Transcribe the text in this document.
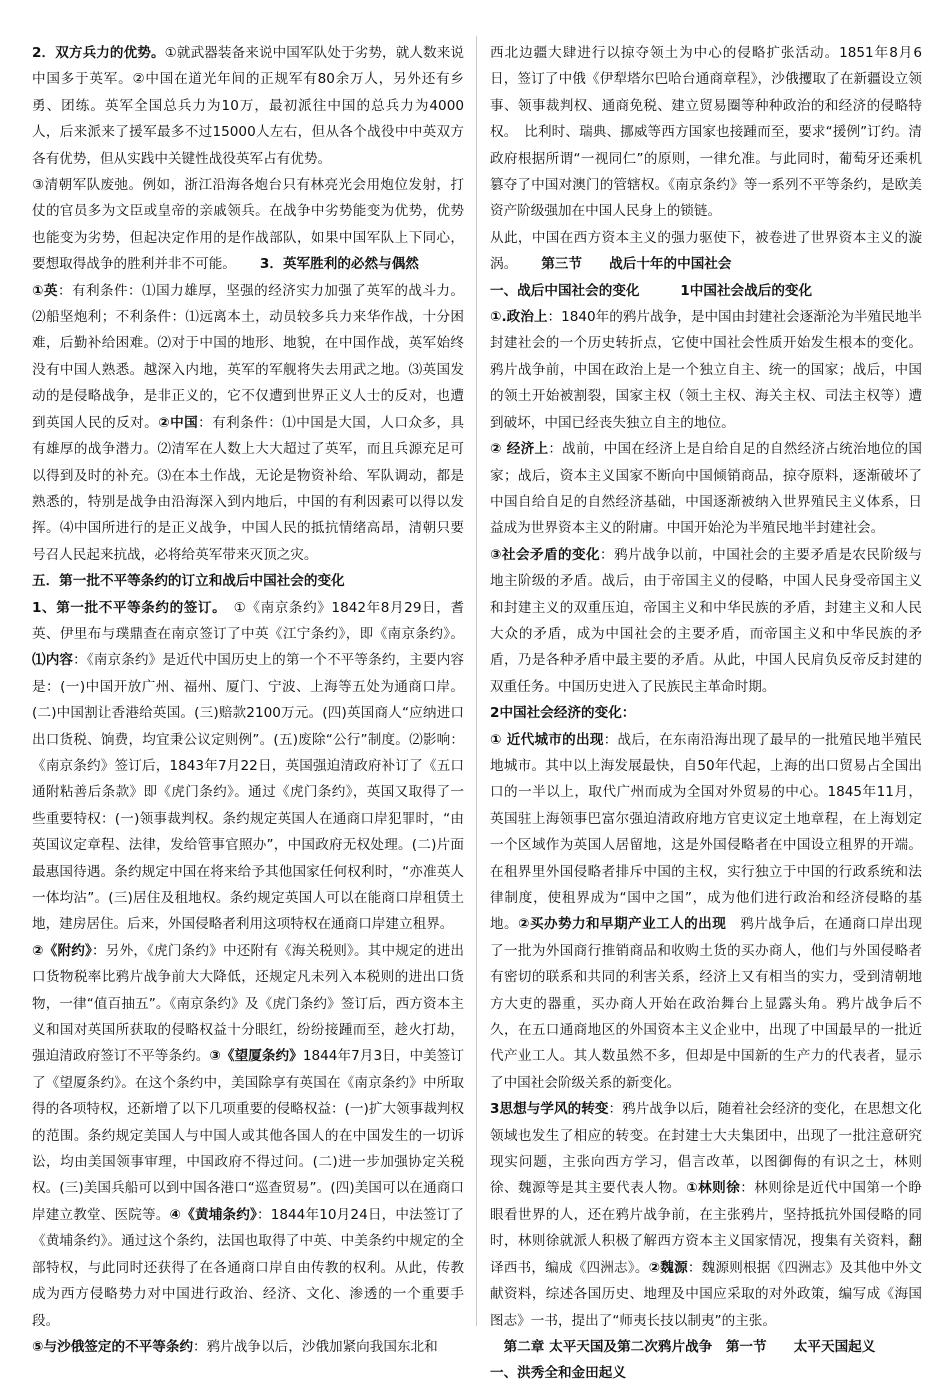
2．双方兵力的优势。①就武器装备来说中国军队处于劣势，就人数来说中国多于英军。②中国在道光年间的正规军有80余万人，另外还有乡勇、团练。英军全国总兵力为10万，最初派往中国的总兵力为4000人，后来派来了援军最多不过15000人左右，但从各个战役中中英双方各有优势，但从实践中关键性战役英军占有优势。

③清朝军队废弛。例如，浙江沿海各炮台只有林亮光会用炮位发射，打仗的官员多为文臣或皇帝的亲戚领兵。在战争中劣势能变为优势，优势也能变为劣势，但起决定作用的是作战部队，如果中国军队上下同心，要想取得战争的胜利并非不可能。 3．英军胜利的必然与偶然

①英：有利条件：⑴国力雄厚，坚强的经济实力加强了英军的战斗力。⑵船坚炮利；不利条件：⑴远离本土，动员较多兵力来华作战，十分困难，后勤补给困难。⑵对于中国的地形、地貌，在中国作战，英军始终没有中国人熟悉。越深入内地，英军的军舰将失去用武之地。⑶英国发动的是侵略战争，是非正义的，它不仅遭到世界正义人士的反对，也遭到英国人民的反对。②中国：有利条件：⑴中国是大国，人口众多，具有雄厚的战争潜力。⑵清军在人数上大大超过了英军，而且兵源充足可以得到及时的补充。⑶在本土作战，无论是物资补给、军队调动，都是熟悉的，特别是战争由沿海深入到内地后，中国的有利因素可以得以发挥。⑷中国所进行的是正义战争，中国人民的抵抗情绪高昂，清朝只要号召人民起来抗战，必将给英军带来灭顶之灾。

五．第一批不平等条约的订立和战后中国社会的变化

1、第一批不平等条约的签订。　①《南京条约》1842年8月29日，耆英、伊里布与璞鼎查在南京签订了中英《江宁条约》，即《南京条约》。⑴内容：《南京条约》是近代中国历史上的第一个不平等条约，主要内容是：(一)中国开放广州、福州、厦门、宁波、上海等五处为通商口岸。(二)中国割让香港给英国。(三)赔款2100万元。(四)英国商人“应纳进口出口货税、饷费，均宜秉公议定则例”。(五)废除“公行”制度。⑵影响：《南京条约》签订后，1843年7月22日，英国强迫清政府补订了《五口通附粘善后条款》即《虎门条约》。通过《虎门条约》，英国又取得了一些重要特权：(一)领事裁判权。条约规定英国人在通商口岸犯罪时，“由英国议定章程、法律，发给管事官照办”，中国政府无权处理。(二)片面最惠国待遇。条约规定中国在将来给予其他国家任何权利时，“亦准英人一体均沾”。(三)居住及租地权。条约规定英国人可以在能商口岸租赁土地，建房居住。后来，外国侵略者利用这项特权在通商口岸建立租界。

②《附约》：另外，《虎门条约》中还附有《海关税则》。其中规定的进出口货物税率比鸦片战争前大大降低，还规定凡未列入本税则的进出口货物，一律“值百抽五”。《南京条约》及《虎门条约》签订后，西方资本主义和国对英国所获取的侵略权益十分眼红，纷纷接踵而至，趁火打劫，强迫清政府签订不平等条约。③《望厦条约》1844年7月3日，中美签订了《望厦条约》。在这个条约中，美国除享有英国在《南京条约》中所取得的各项特权，还新增了以下几项重要的侵略权益：(一)扩大领事裁判权的范围。条约规定美国人与中国人或其他各国人的在中国发生的一切诉讼，均由美国领事审理，中国政府不得过问。(二)进一步加强协定关税权。(三)美国兵船可以到中国各港口“巡查贸易”。(四)美国可以在通商口岸建立教堂、医院等。④《黄埔条约》：1844年10月24日，中法签订了《黄埔条约》。通过这个条约，法国也取得了中英、中美条约中规定的全部特权，与此同时还获得了在各通商口岸自由传教的权利。从此，传教成为西方侵略势力对中国进行政治、经济、文化、渗透的一个重要手段。

⑤与沙俄签定的不平等条约：鸦片战争以后，沙俄加紧向我国东北和

西北边疆大肆进行以掠夺领土为中心的侵略扩张活动。1851年8月6日，签订了中俄《伊犁塔尔巴哈台通商章程》，沙俄攫取了在新疆设立领事、领事裁判权、通商免税、建立贸易圈等种种政治的和经济的侵略特权。　比利时、瑞典、挪威等西方国家也接踵而至，要求“援例”订约。清政府根据所谓“一视同仁”的原则，一律允准。与此同时，葡萄牙还乘机篡夺了中国对澳门的管辖权。《南京条约》等一系列不平等条约，是欧美资产阶级强加在中国人民身上的锁链。

从此，中国在西方资本主义的强力驱使下，被卷进了世界资本主义的漩涡。 第三节　　战后十年的中国社会

一、战后中国社会的变化　　　1中国社会战后的变化

①.政治上：1840年的鸦片战争，是中国由封建社会逐渐沦为半殖民地半封建社会的一个历史转折点，它使中国社会性质开始发生根本的变化。鸦片战争前，中国在政治上是一个独立自主、统一的国家；战后，中国的领土开始被割裂，国家主权（领土主权、海关主权、司法主权等）遭到破坏，中国已经丧失独立自主的地位。

② 经济上：战前，中国在经济上是自给自足的自然经济占统治地位的国家；战后，资本主义国家不断向中国倾销商品，掠夺原料，逐渐破坏了中国自给自足的自然经济基础，中国逐渐被纳入世界殖民主义体系，日益成为世界资本主义的附庸。中国开始沦为半殖民地半封建社会。

③社会矛盾的变化：鸦片战争以前，中国社会的主要矛盾是农民阶级与地主阶级的矛盾。战后，由于帝国主义的侵略，中国人民身受帝国主义和封建主义的双重压迫，帝国主义和中华民族的矛盾，封建主义和人民大众的矛盾，成为中国社会的主要矛盾，而帝国主义和中华民族的矛盾，乃是各种矛盾中最主要的矛盾。从此，中国人民肩负反帝反封建的双重任务。中国历史进入了民族民主革命时期。

2中国社会经济的变化：

① 近代城市的出现：战后，在东南沿海出现了最早的一批殖民地半殖民地城市。其中以上海发展最快，自50年代起，上海的出口贸易占全国出口的一半以上，取代广州而成为全国对外贸易的中心。1845年11月，英国驻上海领事巴富尔强迫清政府地方官吏议定土地章程，在上海划定一个区域作为英国人居留地，这是外国侵略者在中国设立租界的开端。在租界里外国侵略者排斥中国的主权，实行独立于中国的行政系统和法律制度，使租界成为“国中之国”，成为他们进行政治和经济侵略的基地。②买办势力和早期产业工人的出现　鸦片战争后，在通商口岸出现了一批为外国商行推销商品和收购土货的买办商人，他们与外国侵略者有密切的联系和共同的利害关系，经济上又有相当的实力，受到清朝地方大吏的器重，买办商人开始在政治舞台上显露头角。鸦片战争后不久，在五口通商地区的外国资本主义企业中，出现了中国最早的一批近代产业工人。其人数虽然不多，但却是中国新的生产力的代表者，显示了中国社会阶级关系的新变化。

3思想与学风的转变：鸦片战争以后，随着社会经济的变化，在思想文化领域也发生了相应的转变。在封建士大夫集团中，出现了一批注意研究现实问题，主张向西方学习，倡言改革，以图御侮的有识之士，林则徐、魏源等是其主要代表人物。①林则徐：林则徐是近代中国第一个睁眼看世界的人，还在鸦片战争前，在主张鸦片，坚持抵抗外国侵略的同时，林则徐就派人积极了解西方资本主义国家情况，搜集有关资料，翻译西书，编成《四洲志》。②魏源：魏源则根据《四洲志》及其他中外文献资料，综述各国历史、地理及中国应采取的对外政策，编写成《海国图志》一书，提出了“师夷长技以制夷”的主张。

　第二章 太平天国及第二次鸦片战争　第一节　　太平天国起义

一、洪秀全和金田起义
